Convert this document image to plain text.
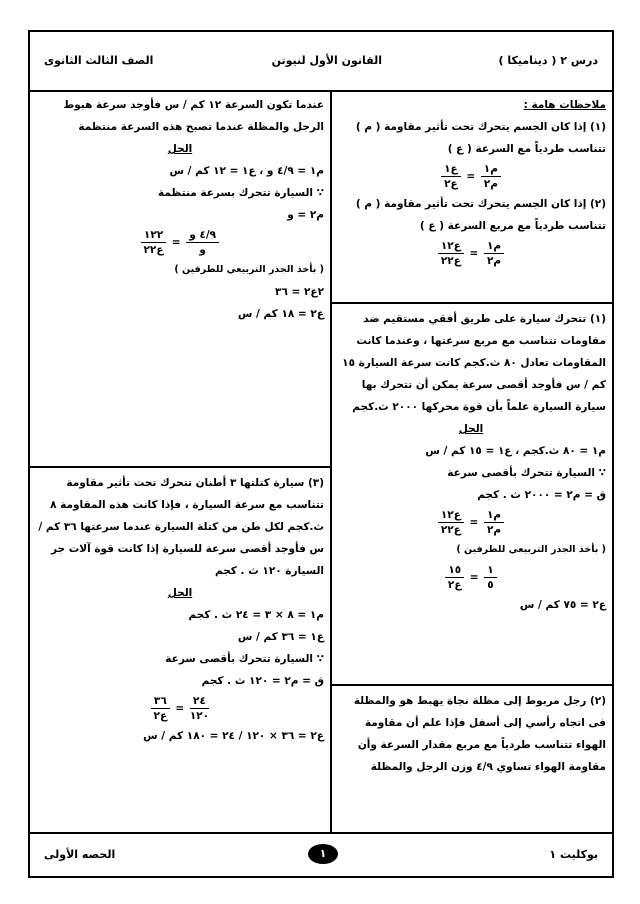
درس ٢ ( ديناميكا )
القانون الأول لنيوتن
الصف الثالث الثانوى

ملاحظات هامة :

(١) إذا كان الجسم يتحرك تحت تأثير مقاومة ( م ) تتناسب طردياً مع السرعة ( ع )

$\frac{\text{ع١}}{\text{ع٢}} = \frac{\text{م١}}{\text{م٢}}$

(٢) إذا كان الجسم يتحرك تحت تأثير مقاومة ( م ) تتناسب طردياً مع مربع السرعة ( ع )

$\frac{\text{ع١٢}}{\text{ع٢٢}} = \frac{\text{م١}}{\text{م٢}}$

(١) تتحرك سيارة على طريق أفقي مستقيم ضد مقاومات تتناسب مع مربع سرعتها ، وعندما كانت المقاومات تعادل ٨٠ ث.كجم كانت سرعة السيارة ١٥ كم / س فأوجد أقصى سرعة يمكن أن تتحرك بها سيارة السيارة علماً بأن قوة محركها ٢٠٠٠ ث.كجم

الحل

م١ = ٨٠ ث.كجم ، ع١ = ١٥ كم / س

∵ السيارة تتحرك بأقصى سرعة

ق = م٢ = ٢٠٠٠ ث . كجم

$\frac{\text{ع١٢}}{\text{ع٢٢}} = \frac{\text{م١}}{\text{م٢}}$

( بأخذ الجذر التربيعي للطرفين )

$\frac{١٥}{\text{ع٢}} = \frac{١}{٥}$

ع٢ = ٧٥ كم / س

(٢) رجل مربوط إلى مظلة نجاة يهبط هو والمظلة فى اتجاه رأسي إلى أسفل فإذا علم أن مقاومة الهواء تتناسب طردياً مع مربع مقدار السرعة وأن مقاومة الهواء تساوي ٤/٩ وزن الرجل والمظلة

عندما تكون السرعة ١٢ كم / س فأوجد سرعة هبوط الرجل والمظلة عندما تصبح هذه السرعة منتظمة

الحل

م١ = ٤/٩ و ، ع١ = ١٢ كم / س

∵ السيارة تتحرك بسرعة منتظمة

م٢ = و

$\frac{١٢٢}{\text{ع٢٢}} = \frac{\text{٤/٩ و}}{\text{و}}$

( بأخذ الجذر التربيعي للطرفين )

٢ع٢ = ٣٦

ع٢ = ١٨ كم / س

(٣) سيارة كتلتها ٣ أطنان تتحرك تحت تأثير مقاومة تتناسب مع سرعة السيارة ، فإذا كانت هذه المقاومة ٨ ث.كجم لكل طن من كتلة السيارة عندما سرعتها ٣٦ كم / س فأوجد أقصى سرعة للسيارة إذا كانت قوة آلات جر السيارة ١٢٠ ث . كجم

الحل

م١ = ٨ × ٣ = ٢٤ ث . كجم

ع١ = ٣٦ كم / س

∵ السيارة تتحرك بأقصى سرعة

ق = م٢ = ١٢٠ ث . كجم

$\frac{٣٦}{\text{ع٢}} = \frac{٢٤}{١٢٠}$

ع٢ = ٣٦ × ١٢٠ / ٢٤ = ١٨٠ كم / س

بوكليت ١
١
الحصه الأولى
